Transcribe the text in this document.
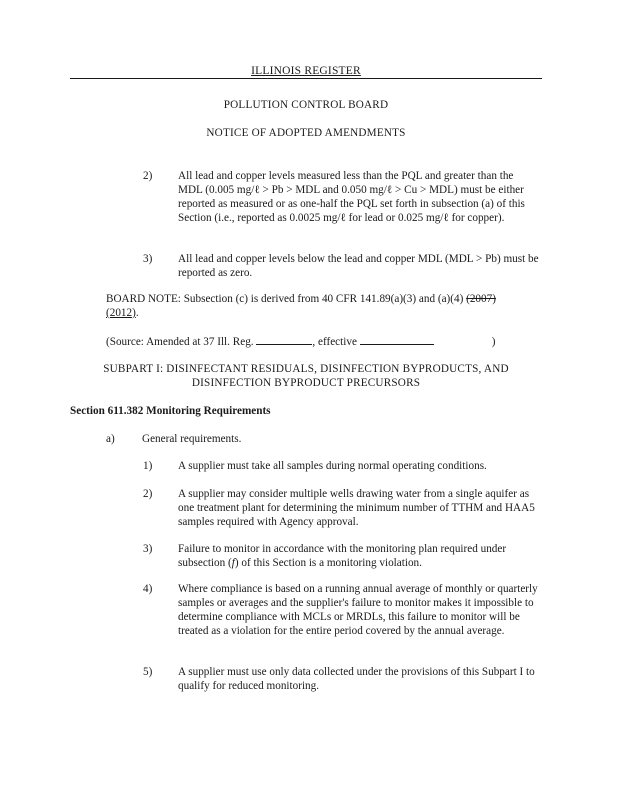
ILLINOIS REGISTER
POLLUTION CONTROL BOARD
NOTICE OF ADOPTED AMENDMENTS
2)	All lead and copper levels measured less than the PQL and greater than the MDL (0.005 mg/ℓ > Pb > MDL and 0.050 mg/ℓ > Cu > MDL) must be either reported as measured or as one-half the PQL set forth in subsection (a) of this Section (i.e., reported as 0.0025 mg/ℓ for lead or 0.025 mg/ℓ for copper).
3)	All lead and copper levels below the lead and copper MDL (MDL > Pb) must be reported as zero.
BOARD NOTE: Subsection (c) is derived from 40 CFR 141.89(a)(3) and (a)(4) (2007)
(2012).
(Source: Amended at 37 Ill. Reg.	, effective	)
SUBPART I: DISINFECTANT RESIDUALS, DISINFECTION BYPRODUCTS, AND
DISINFECTION BYPRODUCT PRECURSORS
Section 611.382 Monitoring Requirements
a)	General requirements.
1)	A supplier must take all samples during normal operating conditions.
2)	A supplier may consider multiple wells drawing water from a single aquifer as one treatment plant for determining the minimum number of TTHM and HAA5 samples required with Agency approval.
3)	Failure to monitor in accordance with the monitoring plan required under subsection (f) of this Section is a monitoring violation.
4)	Where compliance is based on a running annual average of monthly or quarterly samples or averages and the supplier's failure to monitor makes it impossible to determine compliance with MCLs or MRDLs, this failure to monitor will be treated as a violation for the entire period covered by the annual average.
5)	A supplier must use only data collected under the provisions of this Subpart I to qualify for reduced monitoring.
